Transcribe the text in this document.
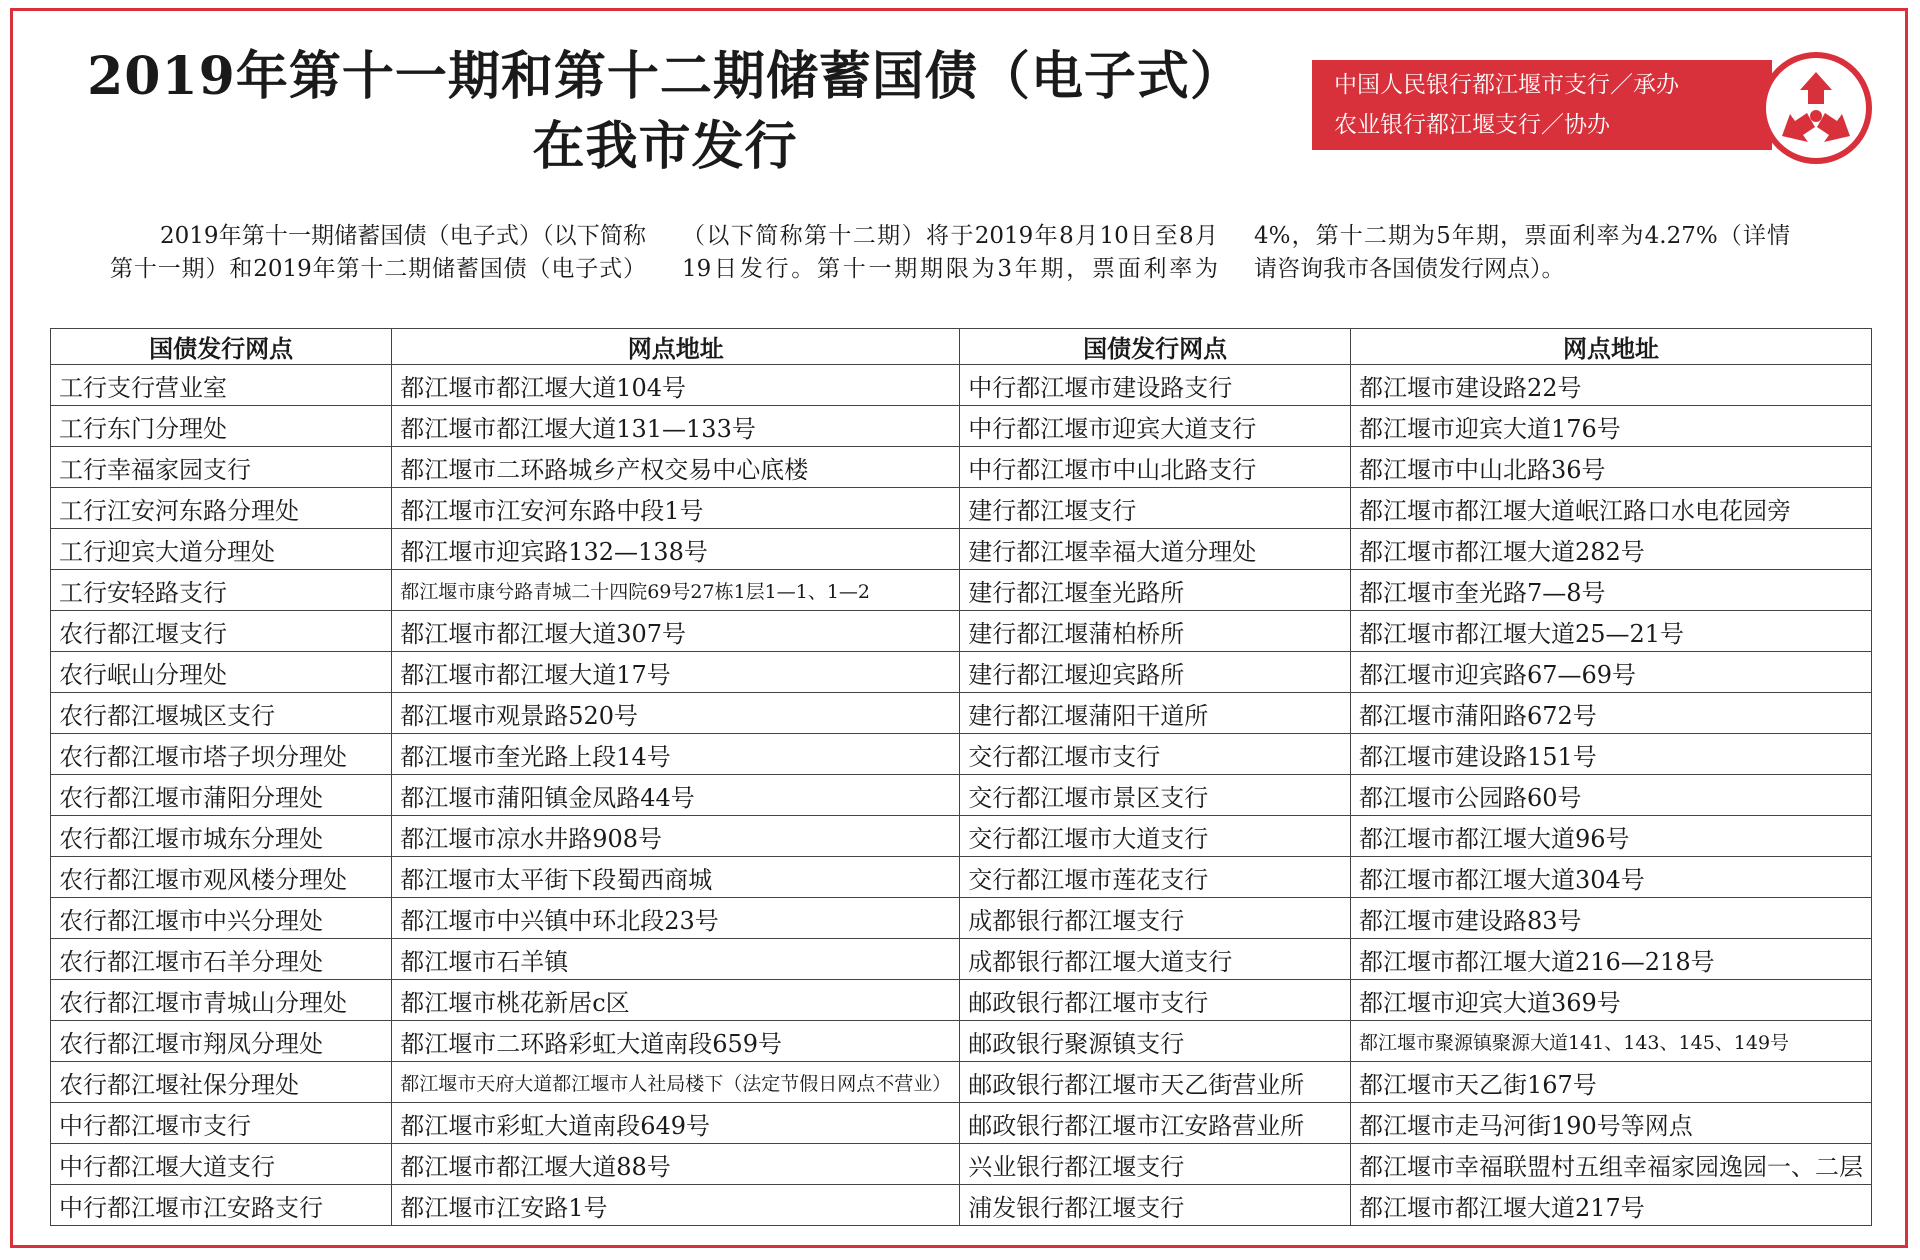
2019年第十一期和第十二期储蓄国债（电子式）
在我市发行
中国人民银行都江堰市支行／承办
农业银行都江堰支行／协办
2019年第十一期储蓄国债（电子式）（以下简称第十一期）和2019年第十二期储蓄国债（电子式）（以下简称第十二期）将于2019年8月10日至8月19日发行。第十一期期限为3年期，票面利率为4%，第十二期为5年期，票面利率为4.27%（详情请咨询我市各国债发行网点）。
国债发行网点	网点地址	国债发行网点	网点地址
工行支行营业室	都江堰市都江堰大道104号	中行都江堰市建设路支行	都江堰市建设路22号
工行东门分理处	都江堰市都江堰大道131—133号	中行都江堰市迎宾大道支行	都江堰市迎宾大道176号
工行幸福家园支行	都江堰市二环路城乡产权交易中心底楼	中行都江堰市中山北路支行	都江堰市中山北路36号
工行江安河东路分理处	都江堰市江安河东路中段1号	建行都江堰支行	都江堰市都江堰大道岷江路口水电花园旁
工行迎宾大道分理处	都江堰市迎宾路132—138号	建行都江堰幸福大道分理处	都江堰市都江堰大道282号
工行安轻路支行	都江堰市康兮路青城二十四院69号27栋1层1—1、1—2	建行都江堰奎光路所	都江堰市奎光路7—8号
农行都江堰支行	都江堰市都江堰大道307号	建行都江堰蒲柏桥所	都江堰市都江堰大道25—21号
农行岷山分理处	都江堰市都江堰大道17号	建行都江堰迎宾路所	都江堰市迎宾路67—69号
农行都江堰城区支行	都江堰市观景路520号	建行都江堰蒲阳干道所	都江堰市蒲阳路672号
农行都江堰市塔子坝分理处	都江堰市奎光路上段14号	交行都江堰市支行	都江堰市建设路151号
农行都江堰市蒲阳分理处	都江堰市蒲阳镇金凤路44号	交行都江堰市景区支行	都江堰市公园路60号
农行都江堰市城东分理处	都江堰市凉水井路908号	交行都江堰市大道支行	都江堰市都江堰大道96号
农行都江堰市观风楼分理处	都江堰市太平街下段蜀西商城	交行都江堰市莲花支行	都江堰市都江堰大道304号
农行都江堰市中兴分理处	都江堰市中兴镇中环北段23号	成都银行都江堰支行	都江堰市建设路83号
农行都江堰市石羊分理处	都江堰市石羊镇	成都银行都江堰大道支行	都江堰市都江堰大道216—218号
农行都江堰市青城山分理处	都江堰市桃花新居c区	邮政银行都江堰市支行	都江堰市迎宾大道369号
农行都江堰市翔凤分理处	都江堰市二环路彩虹大道南段659号	邮政银行聚源镇支行	都江堰市聚源镇聚源大道141、143、145、149号
农行都江堰社保分理处	都江堰市天府大道都江堰市人社局楼下（法定节假日网点不营业）	邮政银行都江堰市天乙街营业所	都江堰市天乙街167号
中行都江堰市支行	都江堰市彩虹大道南段649号	邮政银行都江堰市江安路营业所	都江堰市走马河街190号等网点
中行都江堰大道支行	都江堰市都江堰大道88号	兴业银行都江堰支行	都江堰市幸福联盟村五组幸福家园逸园一、二层
中行都江堰市江安路支行	都江堰市江安路1号	浦发银行都江堰支行	都江堰市都江堰大道217号
